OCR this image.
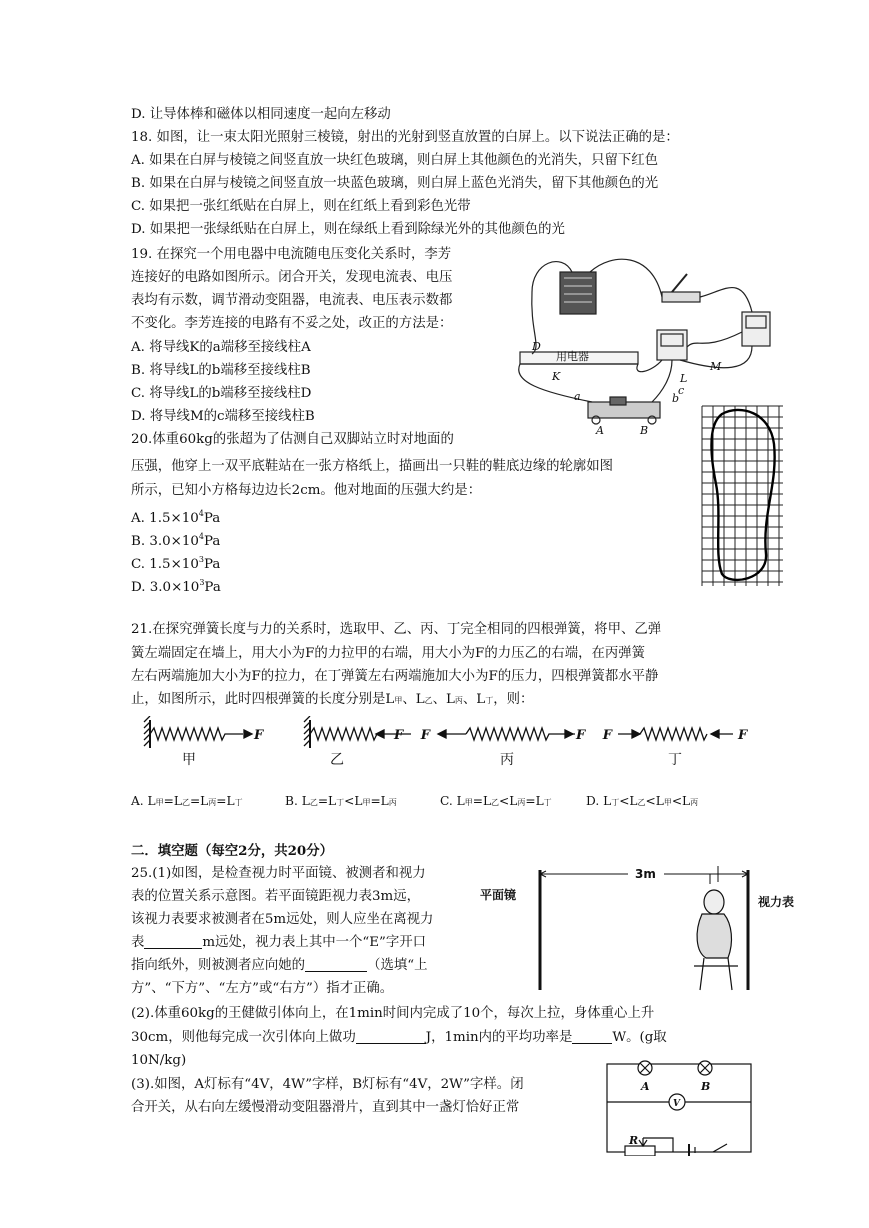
D. 让导体棒和磁体以相同速度一起向左移动
18. 如图，让一束太阳光照射三棱镜，射出的光射到竖直放置的白屏上。以下说法正确的是：
A. 如果在白屏与棱镜之间竖直放一块红色玻璃，则白屏上其他颜色的光消失，只留下红色
B. 如果在白屏与棱镜之间竖直放一块蓝色玻璃，则白屏上蓝色光消失，留下其他颜色的光
C. 如果把一张红纸贴在白屏上，则在红纸上看到彩色光带
D. 如果把一张绿纸贴在白屏上，则在绿纸上看到除绿光外的其他颜色的光
19. 在探究一个用电器中电流随电压变化关系时，李芳
连接好的电路如图所示。闭合开关，发现电流表、电压
表均有示数，调节滑动变阻器，电流表、电压表示数都
不变化。李芳连接的电路有不妥之处，改正的方法是：
A. 将导线K的a端移至接线柱A
B. 将导线L的b端移至接线柱B
C. 将导线L的b端移至接线柱D
D. 将导线M的c端移至接线柱B
20.体重60kg的张超为了估测自己双脚站立时对地面的
压强，他穿上一双平底鞋站在一张方格纸上，描画出一只鞋的鞋底边缘的轮廓如图
所示，已知小方格每边边长2cm。他对地面的压强大约是：
A. $1.5\times 10^4Pa$
B. $3.0\times 10^4Pa$
C. $1.5\times 10^3Pa$
D. $3.0\times 10^3Pa$
21.在探究弹簧长度与力的关系时，选取甲、乙、丙、丁完全相同的四根弹簧，将甲、乙弹
簧左端固定在墙上，用大小为F的力拉甲的右端，用大小为F的力压乙的右端，在丙弹簧
左右两端施加大小为F的拉力，在丁弹簧左右两端施加大小为F的压力，四根弹簧都水平静
止，如图所示，此时四根弹簧的长度分别是L甲、L乙、L丙、L丁，则：
A. L甲=L乙=L丙=L丁	B. L乙=L丁<L甲=L丙	C. L甲=L乙<L丙=L丁	D. L丁<L乙<L甲<L丙
二．填空题（每空2分，共20分）
25.(1)如图，是检查视力时平面镜、被测者和视力
表的位置关系示意图。若平面镜距视力表3m远，
该视力表要求被测者在5m远处，则人应坐在离视力
表	m远处，视力表上其中一个“E”字开口
指向纸外，则被测者应向她的	（选填“上
方”、“下方”、“左方”或“右方”）指才正确。
(2).体重60kg的王健做引体向上，在1min时间内完成了10个，每次上拉，身体重心上升
30cm，则他每完成一次引体向上做功	J，1min内的平均功率是	W。(g取
10N/kg)
(3).如图，A灯标有“4V，4W”字样，B灯标有“4V，2W”字样。闭
合开关，从右向左缓慢滑动变阻器滑片，直到其中一盏灯恰好正常
D
K	L
M
a	b
c
A	B
用电器
F	F F	F F	F
甲	乙	丙	丁
3m
平面镜	视力表
A	B
V
R
